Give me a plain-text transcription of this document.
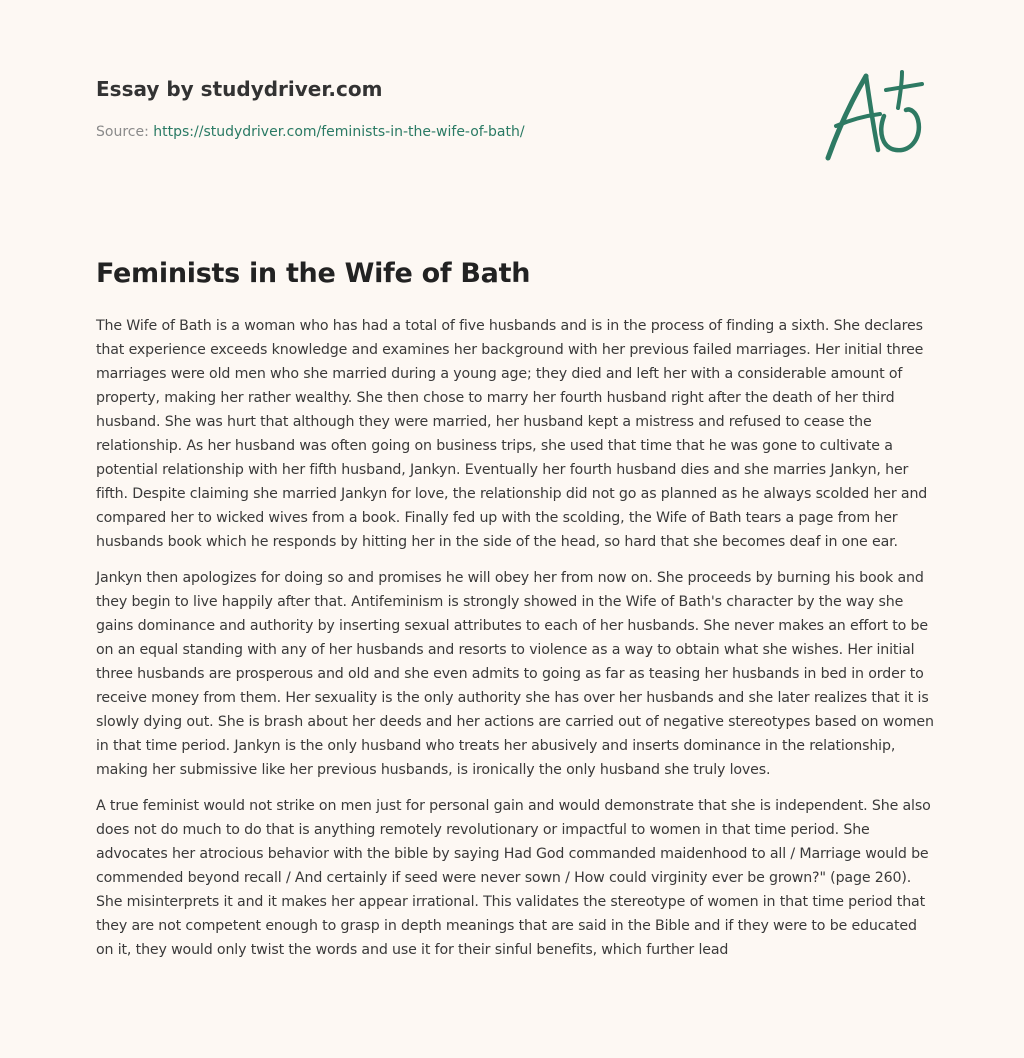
Essay by studydriver.com
Source: https://studydriver.com/feminists-in-the-wife-of-bath/
Feminists in the Wife of Bath

The Wife of Bath is a woman who has had a total of five husbands and is in the process of finding a sixth. She declares that experience exceeds knowledge and examines her background with her previous failed marriages. Her initial three marriages were old men who she married during a young age; they died and left her with a considerable amount of property, making her rather wealthy. She then chose to marry her fourth husband right after the death of her third husband. She was hurt that although they were married, her husband kept a mistress and refused to cease the relationship. As her husband was often going on business trips, she used that time that he was gone to cultivate a potential relationship with her fifth husband, Jankyn. Eventually her fourth husband dies and she marries Jankyn, her fifth. Despite claiming she married Jankyn for love, the relationship did not go as planned as he always scolded her and compared her to wicked wives from a book. Finally fed up with the scolding, the Wife of Bath tears a page from her husbands book which he responds by hitting her in the side of the head, so hard that she becomes deaf in one ear.

Jankyn then apologizes for doing so and promises he will obey her from now on. She proceeds by burning his book and they begin to live happily after that. Antifeminism is strongly showed in the Wife of Bath's character by the way she gains dominance and authority by inserting sexual attributes to each of her husbands. She never makes an effort to be on an equal standing with any of her husbands and resorts to violence as a way to obtain what she wishes. Her initial three husbands are prosperous and old and she even admits to going as far as teasing her husbands in bed in order to receive money from them. Her sexuality is the only authority she has over her husbands and she later realizes that it is slowly dying out. She is brash about her deeds and her actions are carried out of negative stereotypes based on women in that time period. Jankyn is the only husband who treats her abusively and inserts dominance in the relationship, making her submissive like her previous husbands, is ironically the only husband she truly loves.

A true feminist would not strike on men just for personal gain and would demonstrate that she is independent. She also does not do much to do that is anything remotely revolutionary or impactful to women in that time period. She advocates her atrocious behavior with the bible by saying Had God commanded maidenhood to all / Marriage would be commended beyond recall / And certainly if seed were never sown / How could virginity ever be grown?" (page 260). She misinterprets it and it makes her appear irrational. This validates the stereotype of women in that time period that they are not competent enough to grasp in depth meanings that are said in the Bible and if they were to be educated on it, they would only twist the words and use it for their sinful benefits, which further lead
